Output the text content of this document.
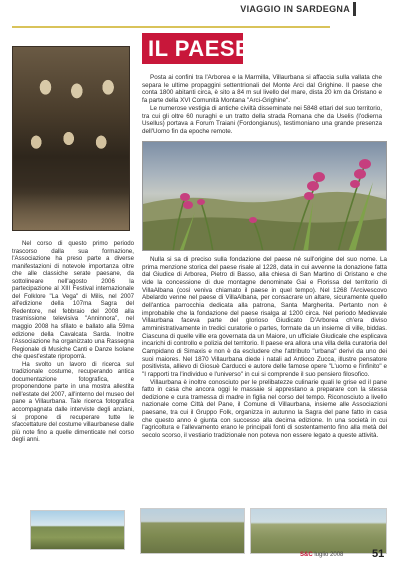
VIAGGIO IN SARDEGNA

Nel corso di questo primo periodo trascorso dalla sua formazione, l'Associazione ha preso parte a diverse manifestazioni di notevole importanza oltre che alle classiche serate paesane, da sottolineare nell'agosto 2006 la partecipazione al XIII Festival internazionale del Folklore "La Vega" di Milis, nel 2007 all'edizione della 107ma Sagra del Redentore, nel febbraio del 2008 alla trasmissione televisiva "Anninnora", nel maggio 2008 ha sfilato e ballato alla 59ma edizione della Cavalcata Sarda. Inoltre l'Associazione ha organizzato una Rassegna Regionale di Musiche Canti e Danze Isolane che quest'estate riproporrà.

Ha svolto un lavoro di ricerca sul tradizionale costume, recuperando antica documentazione fotografica, e proponendone parte in una mostra allestita nell'estate del 2007, all'interno del museo del pane a Villaurbana. Tale ricerca fotografica accompagnata dalle interviste degli anziani, si propone di recuperare tutte le sfaccettature del costume villaurbanese dalle più note fino a quelle dimenticate nel corso degli anni.

IL PAESE

Posta ai confini tra l'Arborea e la Marmilla, Villaurbana si affaccia sulla vallata che separa le ultime propaggini settentrionali del Monte Arci dal Grighine. Il paese che conta 1800 abitanti circa, è sito a 84 m sul livello del mare, dista 20 km da Oristano e fa parte della XVI Comunità Montana "Arci-Grighine".

Le numerose vestigia di antiche civiltà disseminate nei 5848 ettari del suo territorio, tra cui gli oltre 60 nuraghi e un tratto della strada Romana che da Uselis (l'odierna Usellus) portava a Forum Traiani (Fordongianus), testimoniano una grande presenza dell'Uomo fin da epoche remote.

Nulla si sa di preciso sulla fondazione del paese né sull'origine del suo nome. La prima menzione storica del paese risale al 1228, data in cui avvenne la donazione fatta dal Giudice di Arborea, Pietro di Basso, alla chiesa di San Martino di Oristano e che vide la concessione di due montagne denominate Gai e Florissa del territorio di VillaAlbana (così veniva chiamato il paese in quel tempo). Nel 1268 l'Arcivescovo Abelardo venne nel paese di VillaAlbana, per consacrare un altare, sicuramente quello dell'antica parrocchia dedicata alla patrona, Santa Margherita. Pertanto non è improbabile che la fondazione del paese risalga al 1200 circa. Nel periodo Medievale Villaurbana faceva parte del glorioso Giudicato D'Arborea ch'era diviso amministrativamente in tredici curatorie o partes, formate da un insieme di ville, biddas. Ciascuna di quelle ville era governata da un Maiore, un ufficiale Giudicale che esplicava incarichi di controllo e polizia del territorio. Il paese era allora una villa della curatoria del Campidano di Simaxis e non è da escludere che l'attributo "urbana" derivi da uno dei suoi maiores. Nel 1870 Villaurbana diede i natali ad Antioco Zucca, illustre pensatore positivista, allievo di Giosuè Carducci e autore delle famose opere "L'uomo e l'infinito" e "I rapporti tra l'individuo e l'universo" in cui si comprende il suo pensiero filosofico.

Villaurbana è inoltre conosciuto per le prelibatezze culinarie quali le grise ed il pane fatto in casa che ancora oggi le massaie si apprestano a preparare con la stessa dedizione e cura tramessa di madre in figlia nel corso del tempo. Riconosciuto a livello nazionale come Città del Pane, il Comune di Villaurbana, insieme alle Associazioni paesane, tra cui il Gruppo Folk, organizza in autunno la Sagra del pane fatto in casa che questo anno è giunta con successo alla decima edizione. In una società in cui l'agricoltura e l'allevamento erano le principali fonti di sostentamento fino alla metà del secolo scorso, il vestiario tradizionale non poteva non essere legato a queste attività.

S&C luglio 2008	51
